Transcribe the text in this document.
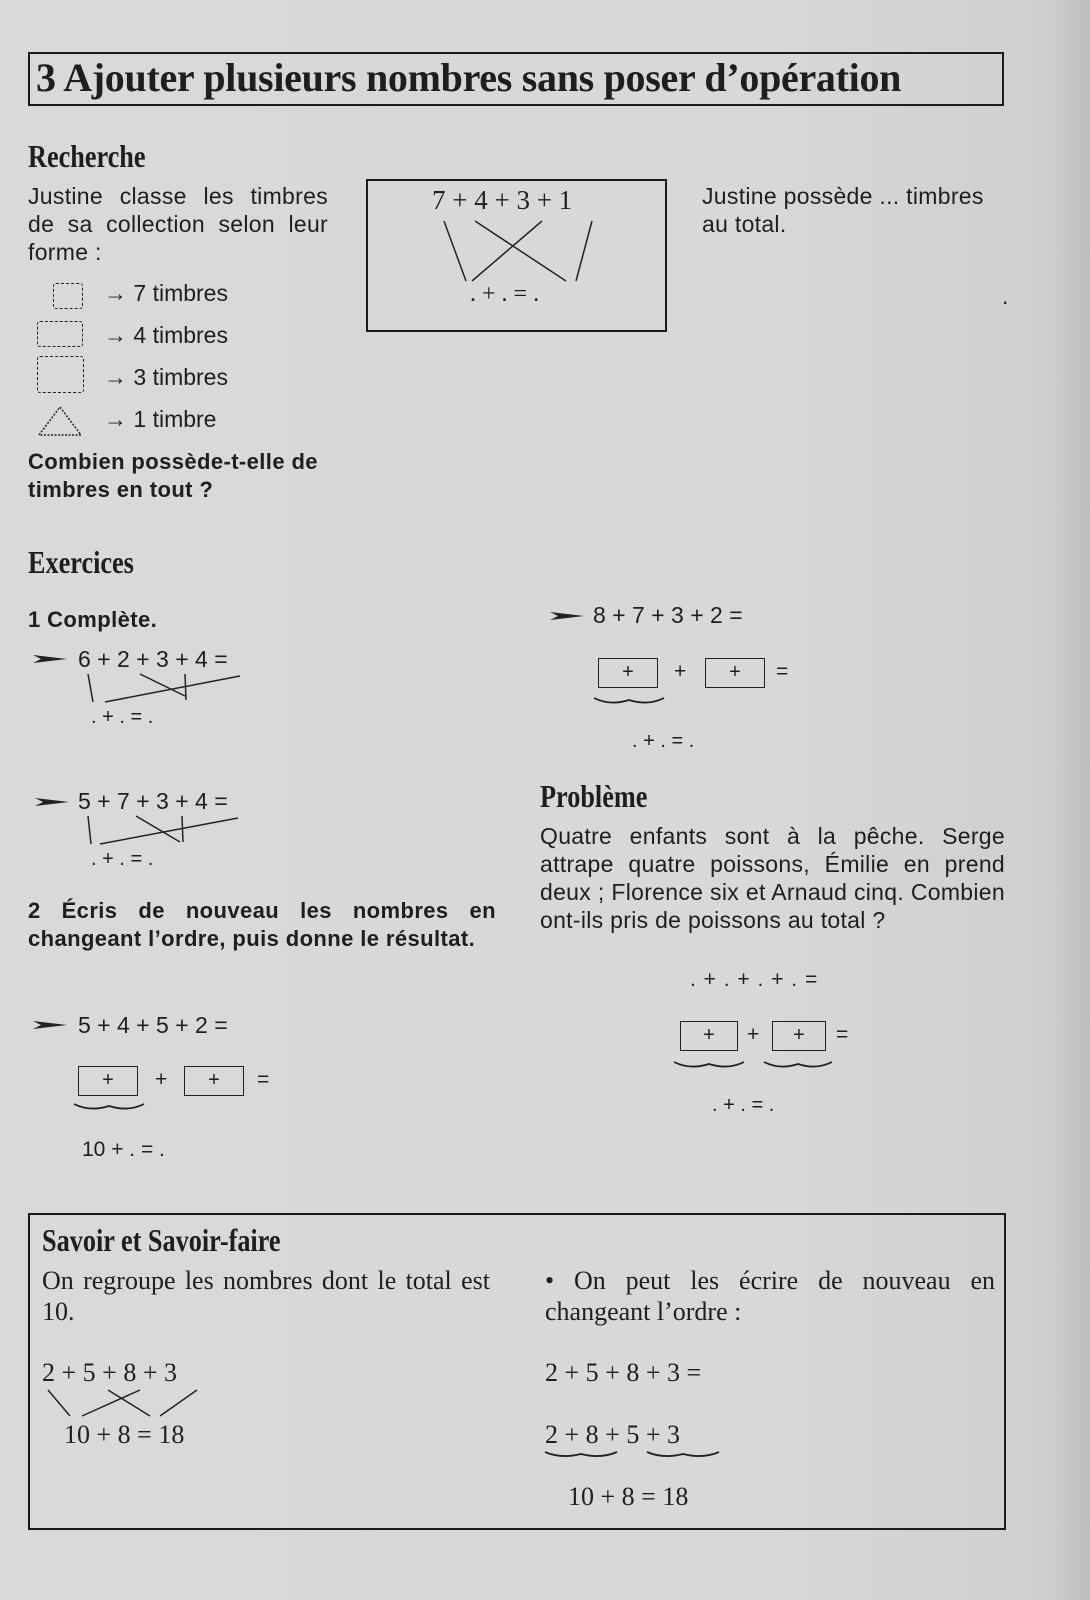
3 Ajouter plusieurs nombres sans poser d’opération
Recherche
Justine classe les timbres de sa collection selon leur forme :
→ 7 timbres
→ 4 timbres
→ 3 timbres
→ 1 timbre
Combien possède-t-elle de timbres en tout ?
7 + 4 + 3 + 1
. + . = .
Justine possède ... timbres au total.
.
Exercices
1 Complète.
6 + 2 + 3 + 4 =
. + . = .
5 + 7 + 3 + 4 =
. + . = .
2 Écris de nouveau les nombres en changeant l’ordre, puis donne le résultat.
5 + 4 + 5 + 2 =
+	+	+	=
10 + . = .
8 + 7 + 3 + 2 =
+	+	+	=
. + . = .
Problème
Quatre enfants sont à la pêche. Serge attrape quatre poissons, Émilie en prend deux ; Florence six et Arnaud cinq. Combien ont-ils pris de poissons au total ?
. + . + . + . =
+	+	+	=
. + . = .
Savoir et Savoir-faire
On regroupe les nombres dont le total est 10.
2 + 5 + 8 + 3
10 + 8 = 18
• On peut les écrire de nouveau en changeant l’ordre :
2 + 5 + 8 + 3 =
2 + 8 + 5 + 3
10 + 8 = 18
